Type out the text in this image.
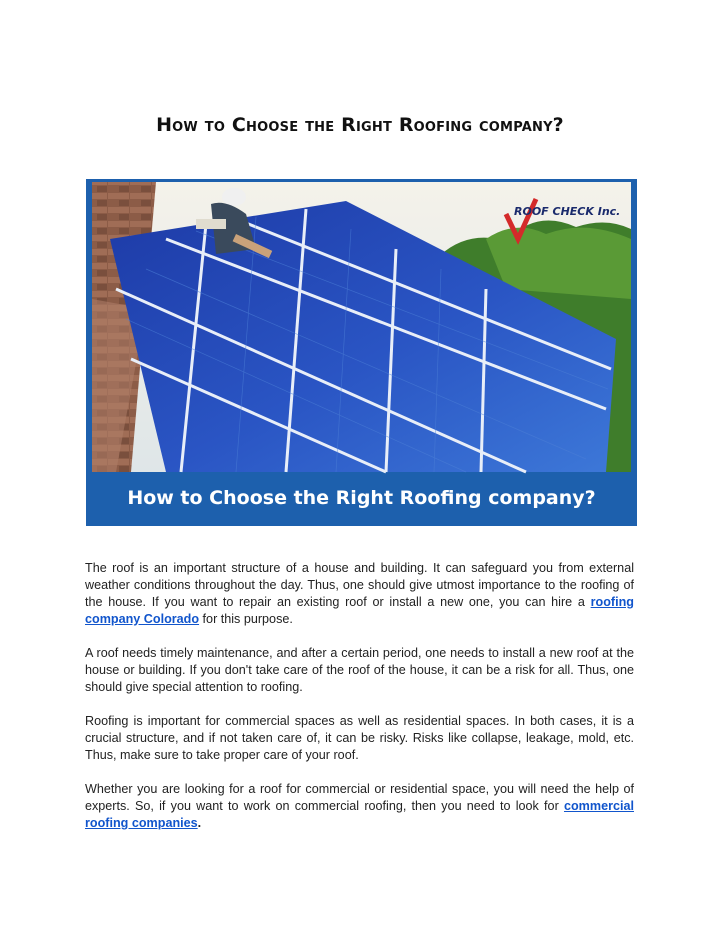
How to Choose the Right Roofing company?
ROOF CHECK Inc.
How to Choose the Right Roofing company?

The roof is an important structure of a house and building. It can safeguard you from external weather conditions throughout the day. Thus, one should give utmost importance to the roofing of the house. If you want to repair an existing roof or install a new one, you can hire a roofing company Colorado for this purpose.

A roof needs timely maintenance, and after a certain period, one needs to install a new roof at the house or building. If you don't take care of the roof of the house, it can be a risk for all. Thus, one should give special attention to roofing.

Roofing is important for commercial spaces as well as residential spaces. In both cases, it is a crucial structure, and if not taken care of, it can be risky. Risks like collapse, leakage, mold, etc. Thus, make sure to take proper care of your roof.

Whether you are looking for a roof for commercial or residential space, you will need the help of experts. So, if you want to work on commercial roofing, then you need to look for commercial roofing companies.
